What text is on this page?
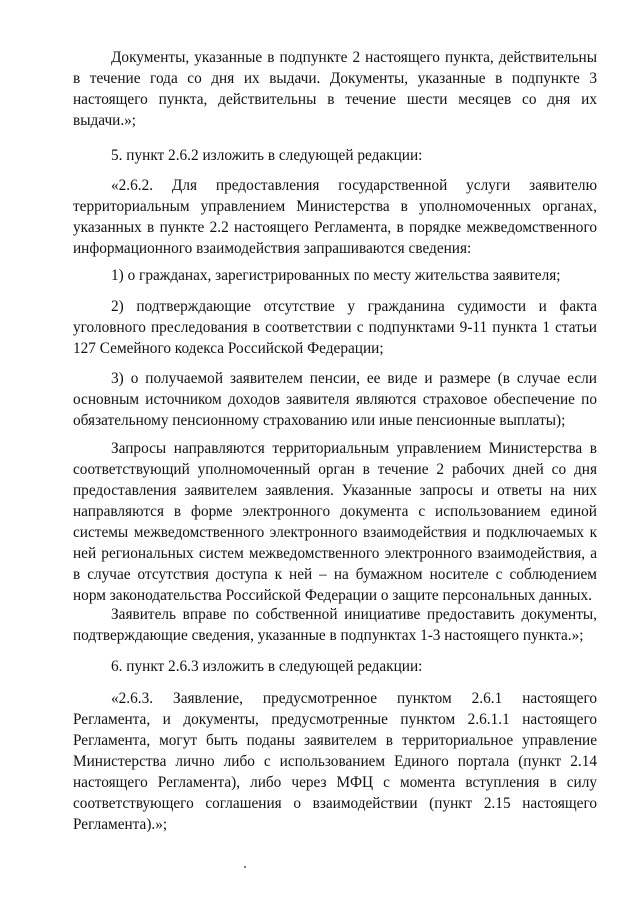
Документы, указанные в подпункте 2 настоящего пункта, действительны в течение года со дня их выдачи. Документы, указанные в подпункте 3 настоящего пункта, действительны в течение шести месяцев со дня их выдачи.»;

5. пункт 2.6.2 изложить в следующей редакции:

«2.6.2. Для предоставления государственной услуги заявителю территориальным управлением Министерства в уполномоченных органах, указанных в пункте 2.2 настоящего Регламента, в порядке межведомственного информационного взаимодействия запрашиваются сведения:

1) о гражданах, зарегистрированных по месту жительства заявителя;

2) подтверждающие отсутствие у гражданина судимости и факта уголовного преследования в соответствии с подпунктами 9-11 пункта 1 статьи 127 Семейного кодекса Российской Федерации;

3) о получаемой заявителем пенсии, ее виде и размере (в случае если основным источником доходов заявителя являются страховое обеспечение по обязательному пенсионному страхованию или иные пенсионные выплаты);

Запросы направляются территориальным управлением Министерства в соответствующий уполномоченный орган в течение 2 рабочих дней со дня предоставления заявителем заявления. Указанные запросы и ответы на них направляются в форме электронного документа с использованием единой системы межведомственного электронного взаимодействия и подключаемых к ней региональных систем межведомственного электронного взаимодействия, а в случае отсутствия доступа к ней – на бумажном носителе с соблюдением норм законодательства Российской Федерации о защите персональных данных.

Заявитель вправе по собственной инициативе предоставить документы, подтверждающие сведения, указанные в подпунктах 1-3 настоящего пункта.»;

6. пункт 2.6.3 изложить в следующей редакции:

«2.6.3. Заявление, предусмотренное пунктом 2.6.1 настоящего Регламента, и документы, предусмотренные пунктом 2.6.1.1 настоящего Регламента, могут быть поданы заявителем в территориальное управление Министерства лично либо с использованием Единого портала (пункт 2.14 настоящего Регламента), либо через МФЦ с момента вступления в силу соответствующего соглашения о взаимодействии (пункт 2.15 настоящего Регламента).»;
